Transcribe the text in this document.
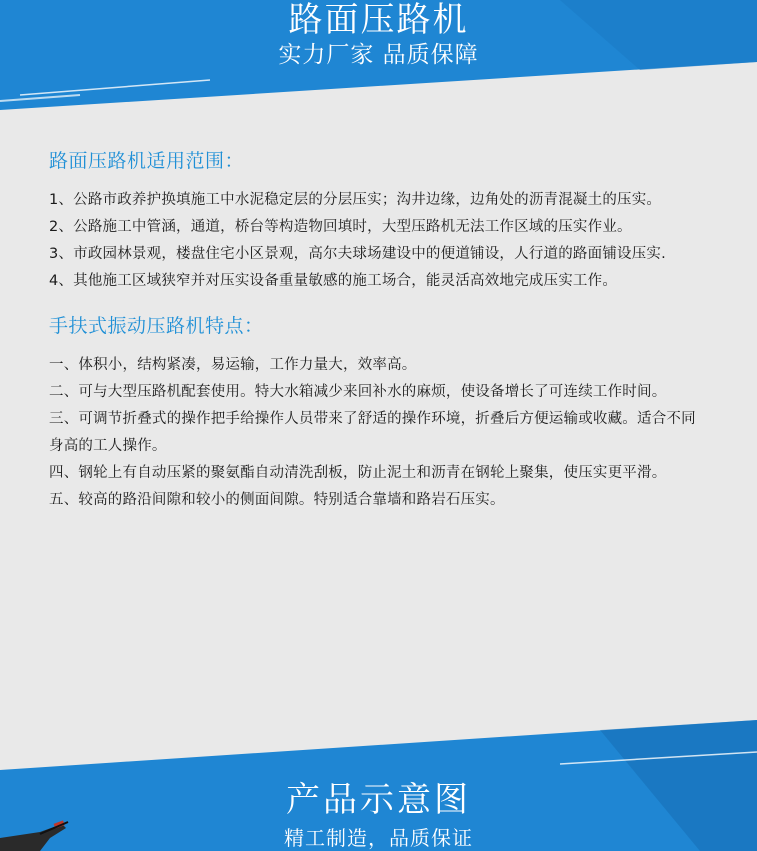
路面压路机
实力厂家 品质保障
路面压路机适用范围：

1、公路市政养护换填施工中水泥稳定层的分层压实；沟井边缘，边角处的沥青混凝土的压实。

2、公路施工中管涵，通道，桥台等构造物回填时，大型压路机无法工作区域的压实作业。

3、市政园林景观，楼盘住宅小区景观，高尔夫球场建设中的便道铺设，人行道的路面铺设压实.

4、其他施工区域狭窄并对压实设备重量敏感的施工场合，能灵活高效地完成压实工作。

手扶式振动压路机特点：

一、体积小，结构紧凑，易运输，工作力量大，效率高。

二、可与大型压路机配套使用。特大水箱减少来回补水的麻烦，使设备增长了可连续工作时间。

三、可调节折叠式的操作把手给操作人员带来了舒适的操作环境，折叠后方便运输或收藏。适合不同身高的工人操作。

四、钢轮上有自动压紧的聚氨酯自动清洗刮板，防止泥土和沥青在钢轮上聚集，使压实更平滑。

五、较高的路沿间隙和较小的侧面间隙。特别适合靠墙和路岩石压实。

产品示意图
精工制造，品质保证
